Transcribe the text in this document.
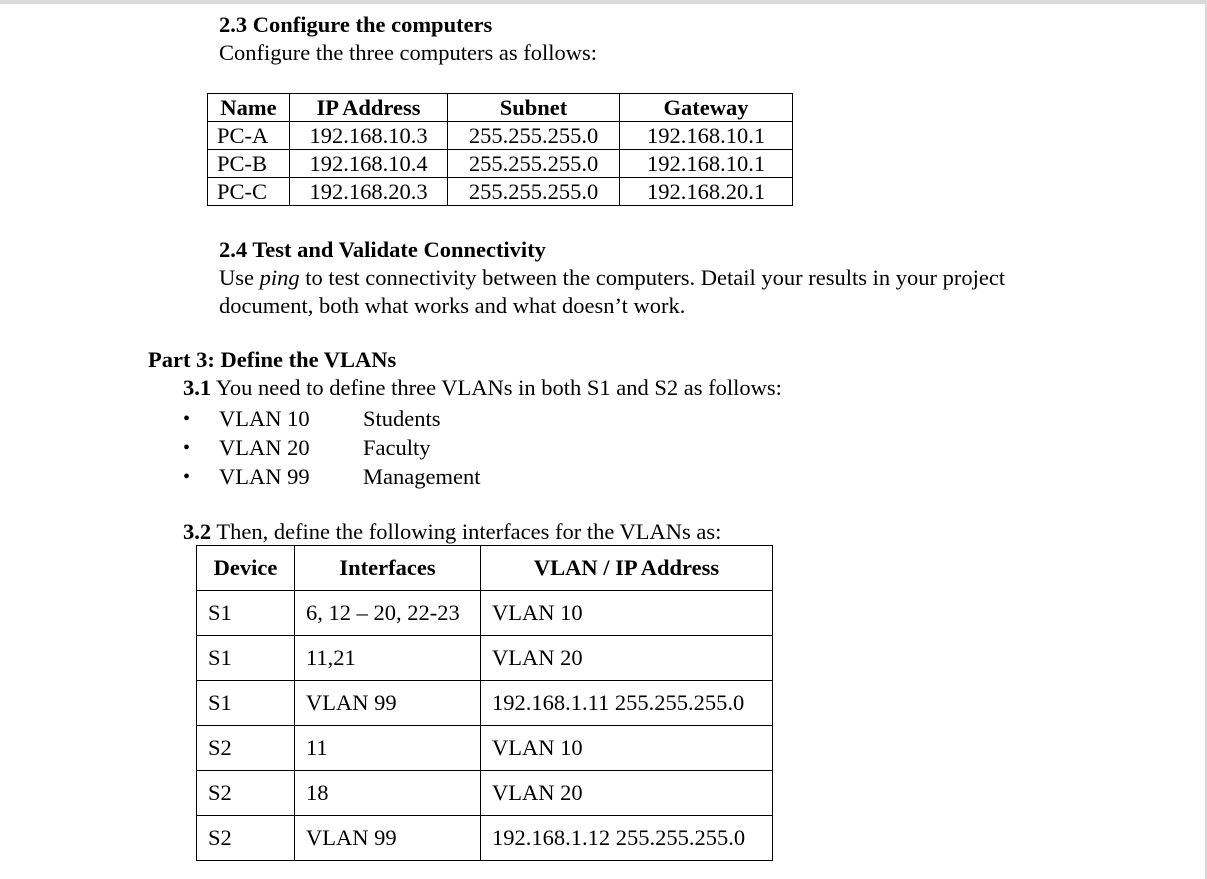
2.3 Configure the computers
Configure the three computers as follows:
Name	IP Address	Subnet	Gateway
PC-A	192.168.10.3	255.255.255.0	192.168.10.1
PC-B	192.168.10.4	255.255.255.0	192.168.10.1
PC-C	192.168.20.3	255.255.255.0	192.168.20.1
2.4 Test and Validate Connectivity
Use ping to test connectivity between the computers. Detail your results in your project document, both what works and what doesn’t work.
Part 3: Define the VLANs
3.1 You need to define three VLANs in both S1 and S2 as follows:
• VLAN 10 Students
• VLAN 20 Faculty
• VLAN 99 Management
3.2 Then, define the following interfaces for the VLANs as:
Device	Interfaces	VLAN / IP Address
S1	6, 12 – 20, 22-23	VLAN 10
S1	11,21	VLAN 20
S1	VLAN 99	192.168.1.11 255.255.255.0
S2	11	VLAN 10
S2	18	VLAN 20
S2	VLAN 99	192.168.1.12 255.255.255.0
